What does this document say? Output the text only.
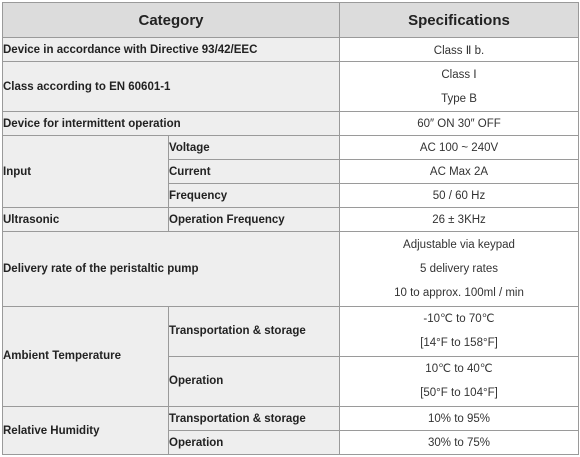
Category		Specifications
Device in accordance with Directive 93/42/EEC		Class Ⅱ b.
Class according to EN 60601-1		Class Ⅰ
Type B

Device for intermittent operation		60″ ON 30″ OFF
Input	Voltage	AC 100 ~ 240V
	Current	AC Max 2A
	Frequency	50 / 60 Hz
Ultrasonic	Operation Frequency	26 ± 3KHz
Delivery rate of the peristaltic pump		Adjustable via keypad
5 delivery rates
10 to approx. 100ml / min

Ambient Temperature	Transportation & storage	-10℃ to 70℃
[14°F to 158°F]

	Operation	10℃ to 40℃
[50°F to 104°F]

Relative Humidity	Transportation & storage	10% to 95%
	Operation	30% to 75%
